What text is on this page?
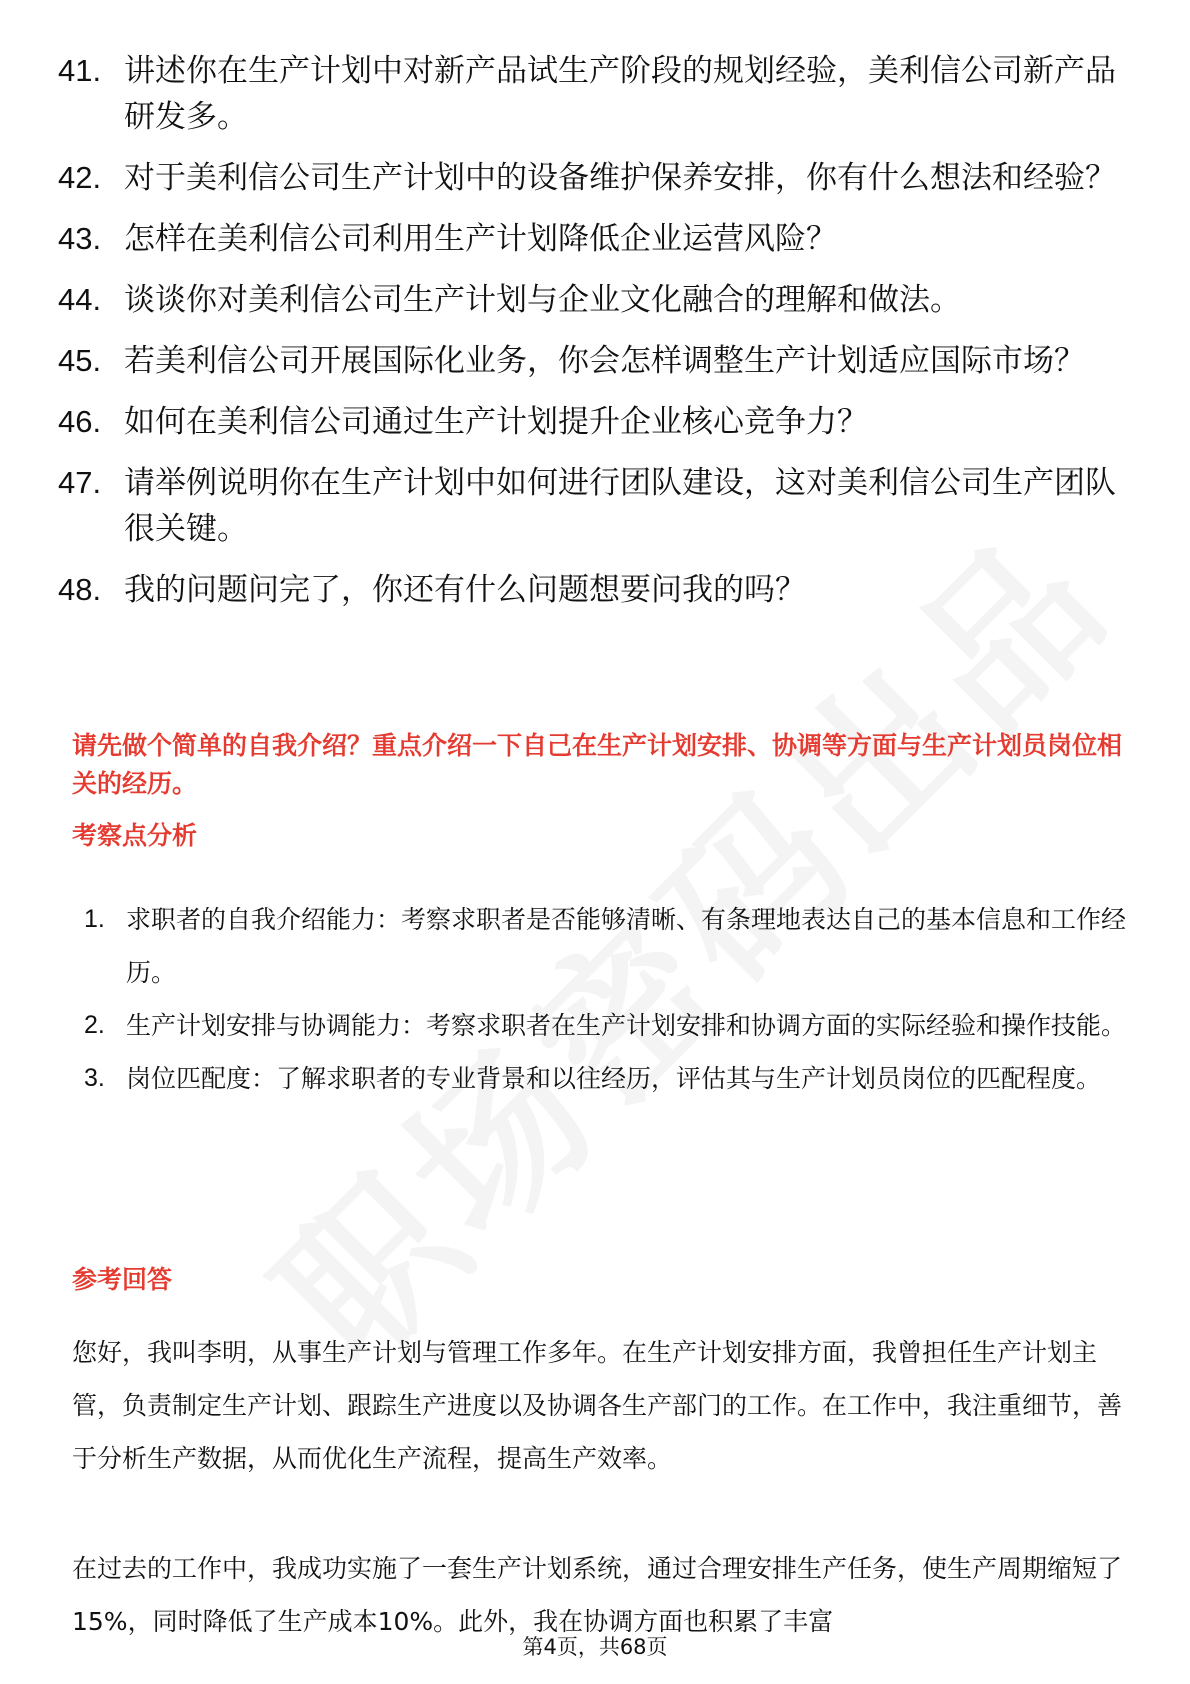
41. 讲述你在生产计划中对新产品试生产阶段的规划经验，美利信公司新产品研发多。
42. 对于美利信公司生产计划中的设备维护保养安排，你有什么想法和经验？
43. 怎样在美利信公司利用生产计划降低企业运营风险？
44. 谈谈你对美利信公司生产计划与企业文化融合的理解和做法。
45. 若美利信公司开展国际化业务，你会怎样调整生产计划适应国际市场？
46. 如何在美利信公司通过生产计划提升企业核心竞争力？
47. 请举例说明你在生产计划中如何进行团队建设，这对美利信公司生产团队很关键。
48. 我的问题问完了，你还有什么问题想要问我的吗？

请先做个简单的自我介绍？重点介绍一下自己在生产计划安排、协调等方面与生产计划员岗位相关的经历。

考察点分析

1. 求职者的自我介绍能力：考察求职者是否能够清晰、有条理地表达自己的基本信息和工作经历。
2. 生产计划安排与协调能力：考察求职者在生产计划安排和协调方面的实际经验和操作技能。
3. 岗位匹配度：了解求职者的专业背景和以往经历，评估其与生产计划员岗位的匹配程度。

参考回答

您好，我叫李明，从事生产计划与管理工作多年。在生产计划安排方面，我曾担任生产计划主管，负责制定生产计划、跟踪生产进度以及协调各生产部门的工作。在工作中，我注重细节，善于分析生产数据，从而优化生产流程，提高生产效率。

在过去的工作中，我成功实施了一套生产计划系统，通过合理安排生产任务，使生产周期缩短了15%，同时降低了生产成本10%。此外，我在协调方面也积累了丰富

第4页，共68页
